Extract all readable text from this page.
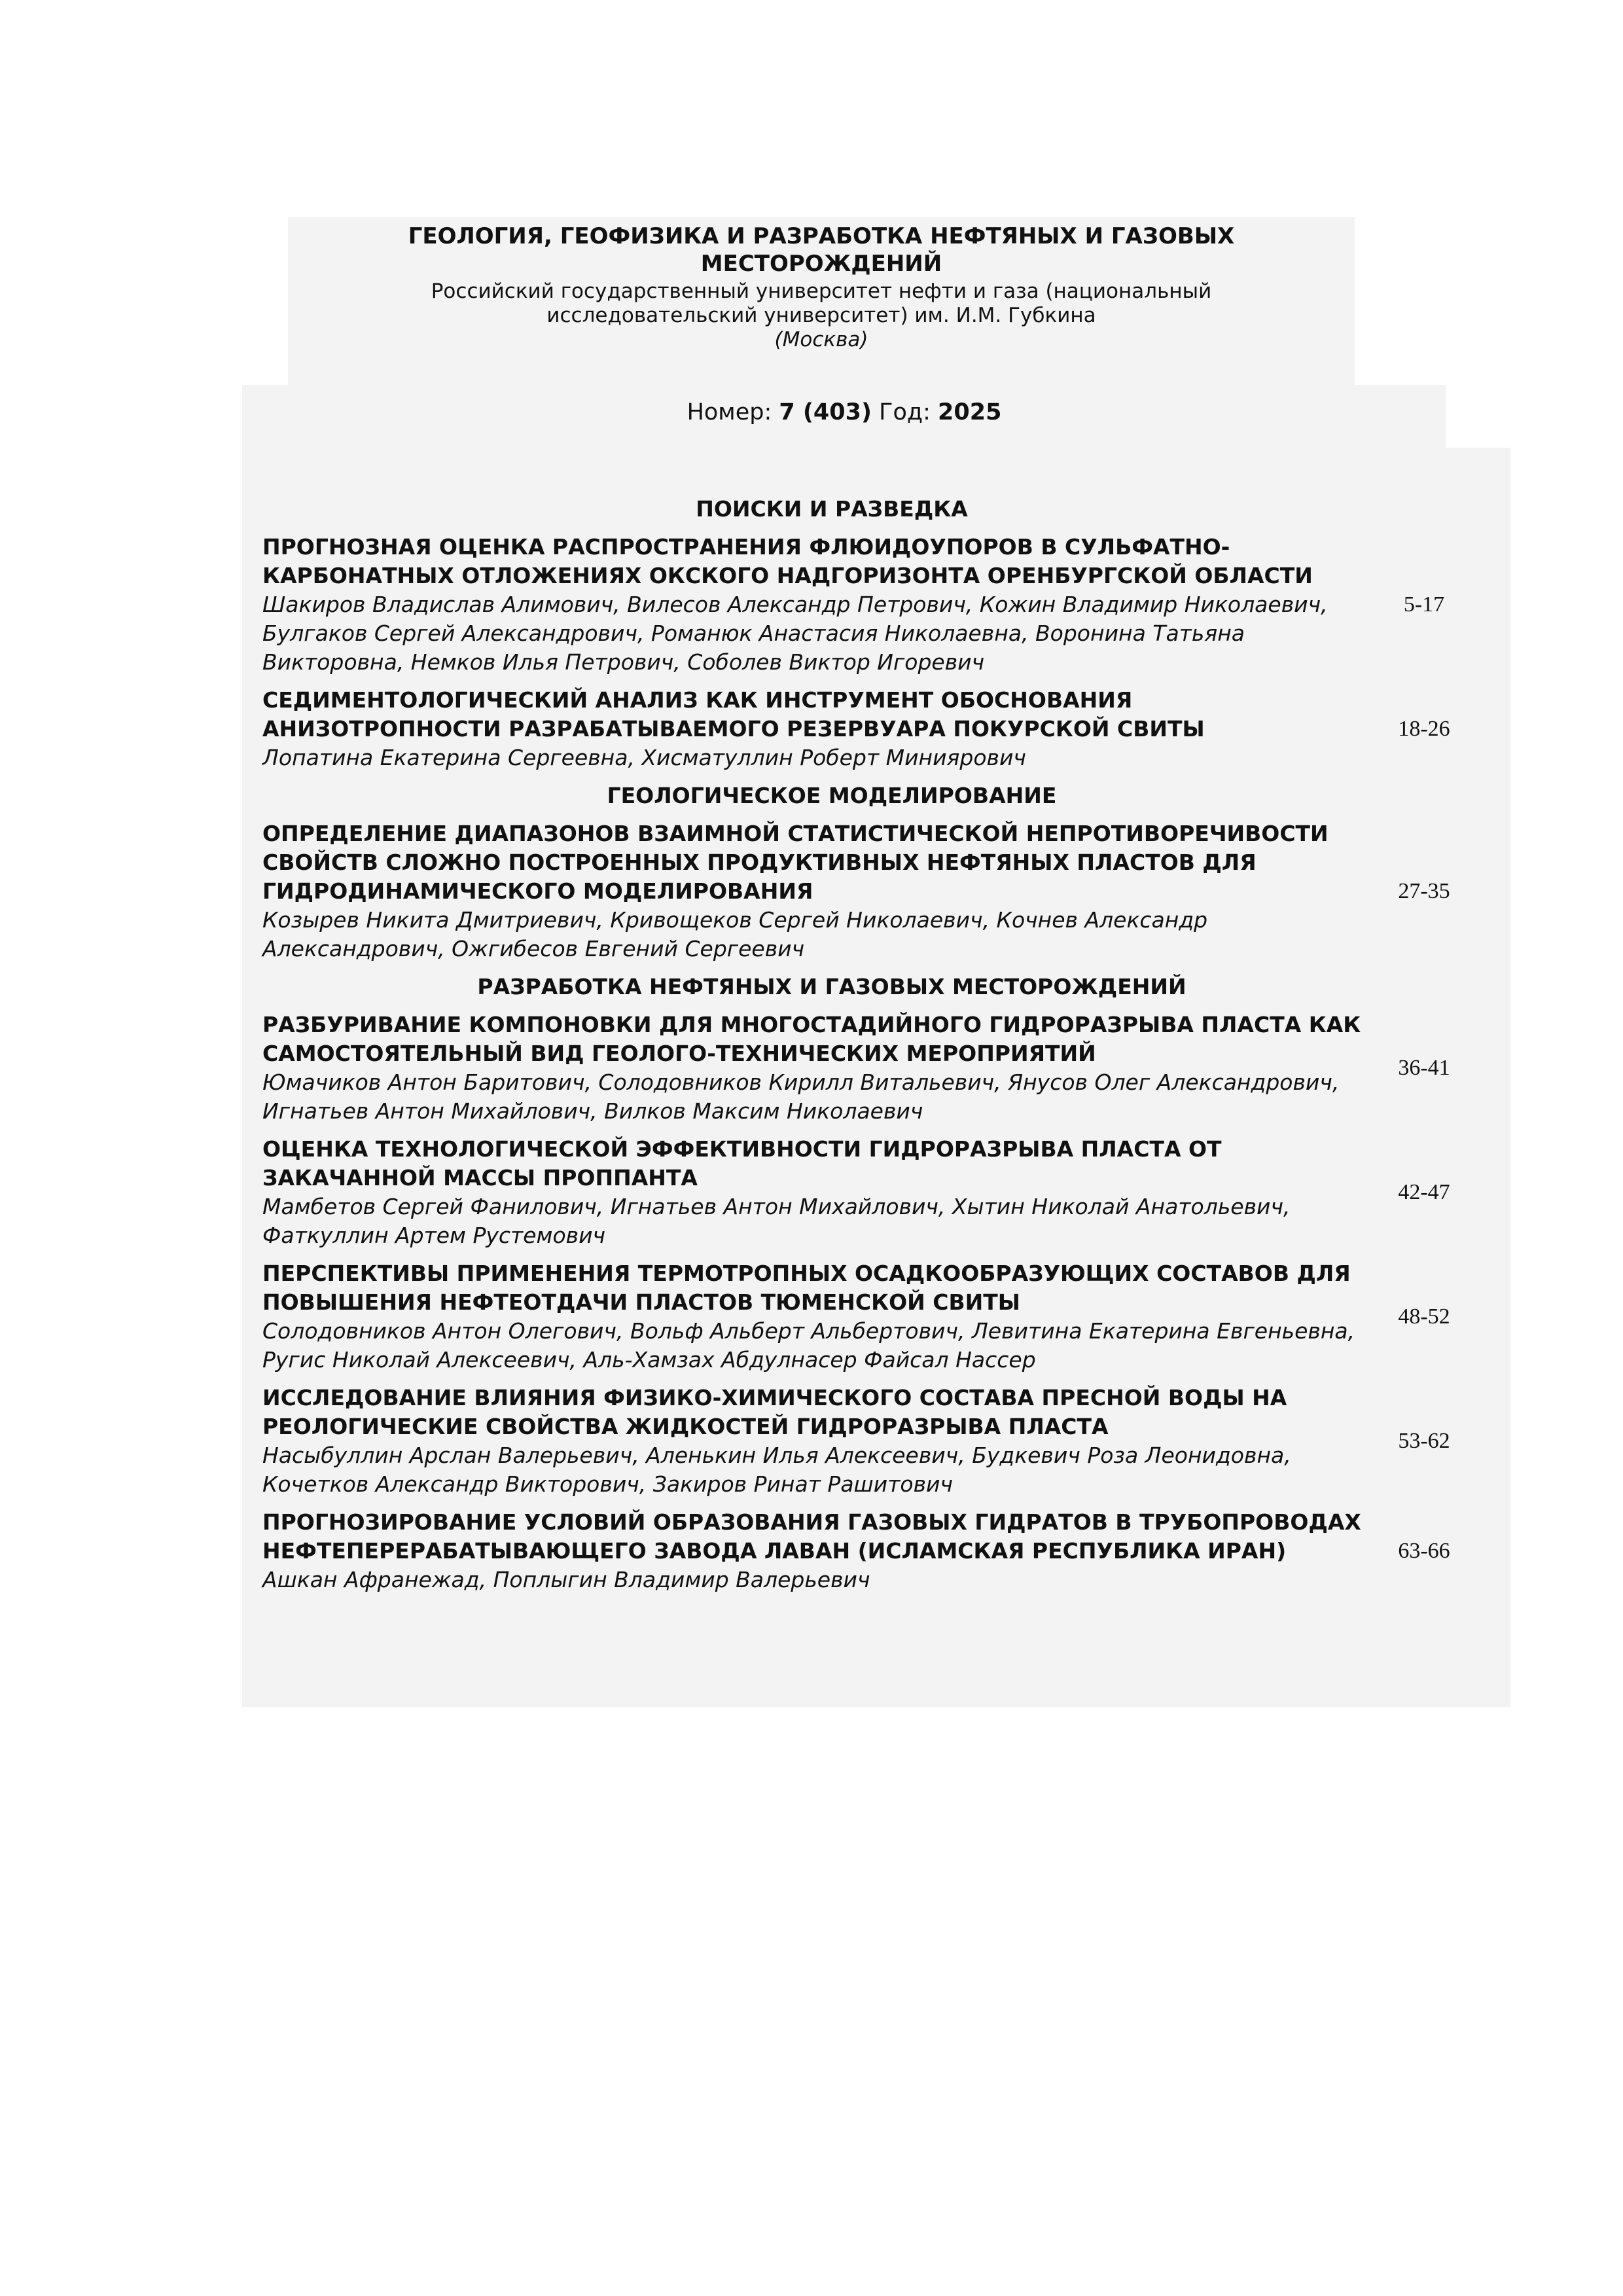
ГЕОЛОГИЯ, ГЕОФИЗИКА И РАЗРАБОТКА НЕФТЯНЫХ И ГАЗОВЫХ МЕСТОРОЖДЕНИЙ
Российский государственный университет нефти и газа (национальный исследовательский университет) им. И.М. Губкина
(Москва)
Номер: 7 (403) Год: 2025
ПОИСКИ И РАЗВЕДКА

ПРОГНОЗНАЯ ОЦЕНКА РАСПРОСТРАНЕНИЯ ФЛЮИДОУПОРОВ В СУЛЬФАТНО-КАРБОНАТНЫХ ОТЛОЖЕНИЯХ ОКСКОГО НАДГОРИЗОНТА ОРЕНБУРГСКОЙ ОБЛАСТИ

Шакиров Владислав Алимович, Вилесов Александр Петрович, Кожин Владимир Николаевич, Булгаков Сергей Александрович, Романюк Анастасия Николаевна, Воронина Татьяна Викторовна, Немков Илья Петрович, Соболев Виктор Игоревич

5-17

СЕДИМЕНТОЛОГИЧЕСКИЙ АНАЛИЗ КАК ИНСТРУМЕНТ ОБОСНОВАНИЯ АНИЗОТРОПНОСТИ РАЗРАБАТЫВАЕМОГО РЕЗЕРВУАРА ПОКУРСКОЙ СВИТЫ

Лопатина Екатерина Сергеевна, Хисматуллин Роберт Миниярович

18-26
ГЕОЛОГИЧЕСКОЕ МОДЕЛИРОВАНИЕ

ОПРЕДЕЛЕНИЕ ДИАПАЗОНОВ ВЗАИМНОЙ СТАТИСТИЧЕСКОЙ НЕПРОТИВОРЕЧИВОСТИ СВОЙСТВ СЛОЖНО ПОСТРОЕННЫХ ПРОДУКТИВНЫХ НЕФТЯНЫХ ПЛАСТОВ ДЛЯ ГИДРОДИНАМИЧЕСКОГО МОДЕЛИРОВАНИЯ

Козырев Никита Дмитриевич, Кривощеков Сергей Николаевич, Кочнев Александр Александрович, Ожгибесов Евгений Сергеевич

27-35
РАЗРАБОТКА НЕФТЯНЫХ И ГАЗОВЫХ МЕСТОРОЖДЕНИЙ

РАЗБУРИВАНИЕ КОМПОНОВКИ ДЛЯ МНОГОСТАДИЙНОГО ГИДРОРАЗРЫВА ПЛАСТА КАК САМОСТОЯТЕЛЬНЫЙ ВИД ГЕОЛОГО-ТЕХНИЧЕСКИХ МЕРОПРИЯТИЙ

Юмачиков Антон Баритович, Солодовников Кирилл Витальевич, Янусов Олег Александрович, Игнатьев Антон Михайлович, Вилков Максим Николаевич

36-41

ОЦЕНКА ТЕХНОЛОГИЧЕСКОЙ ЭФФЕКТИВНОСТИ ГИДРОРАЗРЫВА ПЛАСТА ОТ ЗАКАЧАННОЙ МАССЫ ПРОППАНТА

Мамбетов Сергей Фанилович, Игнатьев Антон Михайлович, Хытин Николай Анатольевич, Фаткуллин Артем Рустемович

42-47

ПЕРСПЕКТИВЫ ПРИМЕНЕНИЯ ТЕРМОТРОПНЫХ ОСАДКООБРАЗУЮЩИХ СОСТАВОВ ДЛЯ ПОВЫШЕНИЯ НЕФТЕОТДАЧИ ПЛАСТОВ ТЮМЕНСКОЙ СВИТЫ

Солодовников Антон Олегович, Вольф Альберт Альбертович, Левитина Екатерина Евгеньевна, Ругис Николай Алексеевич, Аль-Хамзах Абдулнасер Файсал Нассер

48-52

ИССЛЕДОВАНИЕ ВЛИЯНИЯ ФИЗИКО-ХИМИЧЕСКОГО СОСТАВА ПРЕСНОЙ ВОДЫ НА РЕОЛОГИЧЕСКИЕ СВОЙСТВА ЖИДКОСТЕЙ ГИДРОРАЗРЫВА ПЛАСТА

Насыбуллин Арслан Валерьевич, Аленькин Илья Алексеевич, Будкевич Роза Леонидовна, Кочетков Александр Викторович, Закиров Ринат Рашитович

53-62

ПРОГНОЗИРОВАНИЕ УСЛОВИЙ ОБРАЗОВАНИЯ ГАЗОВЫХ ГИДРАТОВ В ТРУБОПРОВОДАХ НЕФТЕПЕРЕРАБАТЫВАЮЩЕГО ЗАВОДА ЛАВАН (ИСЛАМСКАЯ РЕСПУБЛИКА ИРАН)

Ашкан Афранежад, Поплыгин Владимир Валерьевич

63-66
